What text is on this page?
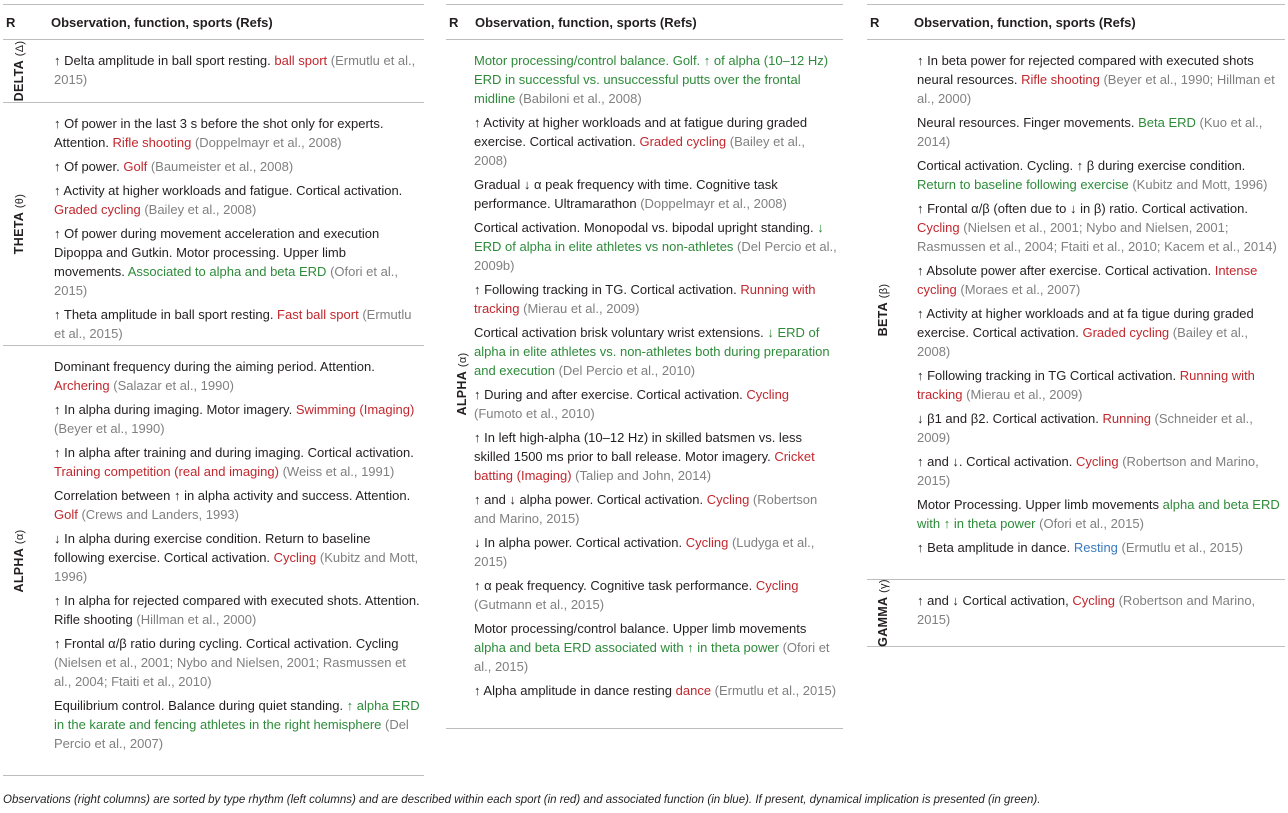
R	Observation, function, sports (Refs)
DELTA (Δ)
↑ Delta amplitude in ball sport resting. ball sport (Ermutlu et al., 2015)
THETA (θ)
↑ Of power in the last 3 s before the shot only for experts. Attention. Rifle shooting (Doppelmayr et al., 2008)
↑ Of power. Golf (Baumeister et al., 2008)
↑ Activity at higher workloads and fatigue. Cortical activation. Graded cycling (Bailey et al., 2008)
↑ Of power during movement acceleration and execution Dipoppa and Gutkin. Motor processing. Upper limb movements. Associated to alpha and beta ERD (Ofori et al., 2015)
↑ Theta amplitude in ball sport resting. Fast ball sport (Ermutlu et al., 2015)
ALPHA (α)
Dominant frequency during the aiming period. Attention. Archering (Salazar et al., 1990)
↑ In alpha during imaging. Motor imagery. Swimming (Imaging) (Beyer et al., 1990)
↑ In alpha after training and during imaging. Cortical activation. Training competition (real and imaging) (Weiss et al., 1991)
Correlation between ↑ in alpha activity and success. Attention. Golf (Crews and Landers, 1993)
↓ In alpha during exercise condition. Return to baseline following exercise. Cortical activation. Cycling (Kubitz and Mott, 1996)
↑ In alpha for rejected compared with executed shots. Attention. Rifle shooting (Hillman et al., 2000)
↑ Frontal α/β ratio during cycling. Cortical activation. Cycling (Nielsen et al., 2001; Nybo and Nielsen, 2001; Rasmussen et al., 2004; Ftaiti et al., 2010)
Equilibrium control. Balance during quiet standing. ↑ alpha ERD in the karate and fencing athletes in the right hemisphere (Del Percio et al., 2007)
R	Observation, function, sports (Refs)
ALPHA (α)
Motor processing/control balance. Golf. ↑ of alpha (10–12 Hz) ERD in successful vs. unsuccessful putts over the frontal midline (Babiloni et al., 2008)
↑ Activity at higher workloads and at fatigue during graded exercise. Cortical activation. Graded cycling (Bailey et al., 2008)
Gradual ↓ α peak frequency with time. Cognitive task performance. Ultramarathon (Doppelmayr et al., 2008)
Cortical activation. Monopodal vs. bipodal upright standing. ↓ ERD of alpha in elite athletes vs non-athletes (Del Percio et al., 2009b)
↑ Following tracking in TG. Cortical activation. Running with tracking (Mierau et al., 2009)
Cortical activation brisk voluntary wrist extensions. ↓ ERD of alpha in elite athletes vs. non-athletes both during preparation and execution (Del Percio et al., 2010)
↑ During and after exercise. Cortical activation. Cycling (Fumoto et al., 2010)
↑ In left high-alpha (10–12 Hz) in skilled batsmen vs. less skilled 1500 ms prior to ball release. Motor imagery. Cricket batting (Imaging) (Taliep and John, 2014)
↑ and ↓ alpha power. Cortical activation. Cycling (Robertson and Marino, 2015)
↓ In alpha power. Cortical activation. Cycling (Ludyga et al., 2015)
↑ α peak frequency. Cognitive task performance. Cycling (Gutmann et al., 2015)
Motor processing/control balance. Upper limb movements alpha and beta ERD associated with ↑ in theta power (Ofori et al., 2015)
↑ Alpha amplitude in dance resting dance (Ermutlu et al., 2015)
R	Observation, function, sports (Refs)
BETA (β)
↑ In beta power for rejected compared with executed shots neural resources. Rifle shooting (Beyer et al., 1990; Hillman et al., 2000)
Neural resources. Finger movements. Beta ERD (Kuo et al., 2014)
Cortical activation. Cycling. ↑ β during exercise condition. Return to baseline following exercise (Kubitz and Mott, 1996)
↑ Frontal α/β (often due to ↓ in β) ratio. Cortical activation. Cycling (Nielsen et al., 2001; Nybo and Nielsen, 2001; Rasmussen et al., 2004; Ftaiti et al., 2010; Kacem et al., 2014)
↑ Absolute power after exercise. Cortical activation. Intense cycling (Moraes et al., 2007)
↑ Activity at higher workloads and at fa tigue during graded exercise. Cortical activation. Graded cycling (Bailey et al., 2008)
↑ Following tracking in TG Cortical activation. Running with tracking (Mierau et al., 2009)
↓ β1 and β2. Cortical activation. Running (Schneider et al., 2009)
↑ and ↓. Cortical activation. Cycling (Robertson and Marino, 2015)
Motor Processing. Upper limb movements alpha and beta ERD with ↑ in theta power (Ofori et al., 2015)
↑ Beta amplitude in dance. Resting (Ermutlu et al., 2015)
GAMMA (γ)
↑ and ↓ Cortical activation, Cycling (Robertson and Marino, 2015)
Observations (right columns) are sorted by type rhythm (left columns) and are described within each sport (in red) and associated function (in blue). If present, dynamical implication is presented (in green).
